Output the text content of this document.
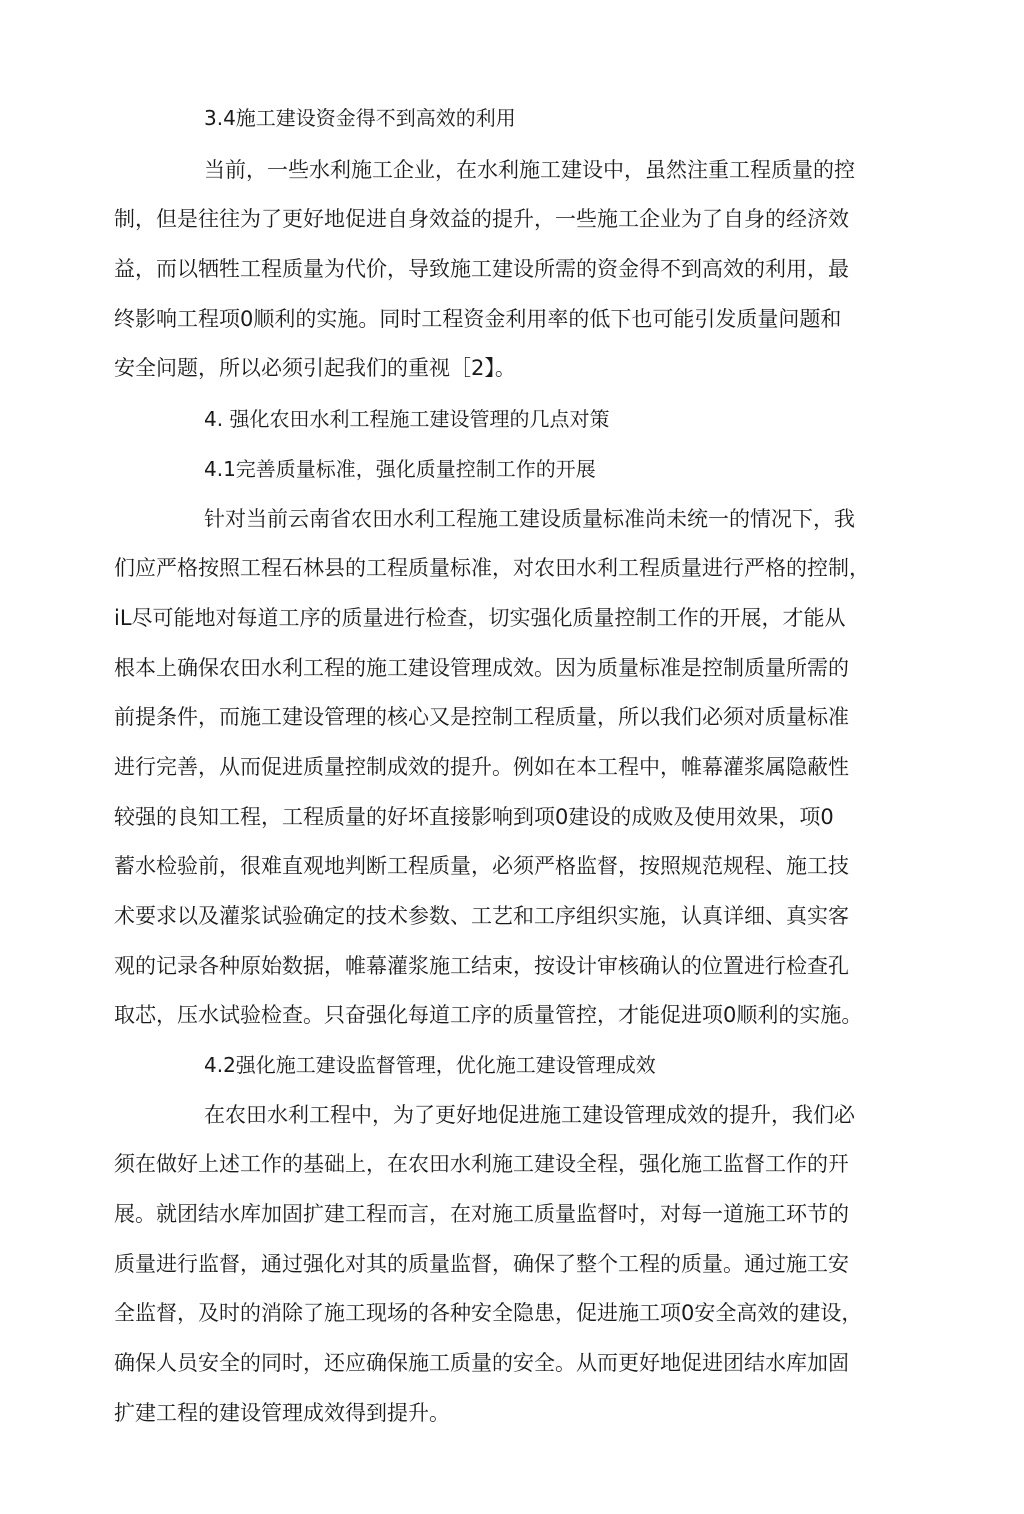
3.4施工建设资金得不到高效的利用
当前，一些水利施工企业，在水利施工建设中，虽然注重工程质量的控
制，但是往往为了更好地促进自身效益的提升，一些施工企业为了自身的经济效
益，而以牺牲工程质量为代价，导致施工建设所需的资金得不到高效的利用，最
终影响工程项0顺利的实施。同时工程资金利用率的低下也可能引发质量问题和
安全问题，所以必须引起我们的重视［2】。
4. 强化农田水利工程施工建设管理的几点对策
4.1完善质量标准，强化质量控制工作的开展
针对当前云南省农田水利工程施工建设质量标准尚未统一的情况下，我
们应严格按照工程石林县的工程质量标准，对农田水利工程质量进行严格的控制，
iL尽可能地对每道工序的质量进行检查，切实强化质量控制工作的开展，才能从
根本上确保农田水利工程的施工建设管理成效。因为质量标准是控制质量所需的
前提条件，而施工建设管理的核心又是控制工程质量，所以我们必须对质量标准
进行完善，从而促进质量控制成效的提升。例如在本工程中，帷幕灌浆属隐蔽性
较强的良知工程，工程质量的好坏直接影响到项0建设的成败及使用效果，项0
蓄水检验前，很难直观地判断工程质量，必须严格监督，按照规范规程、施工技
术要求以及灌浆试验确定的技术参数、工艺和工序组织实施，认真详细、真实客
观的记录各种原始数据，帷幕灌浆施工结束，按设计审核确认的位置进行检查孔
取芯，压水试验检查。只奋强化每道工序的质量管控，才能促进项0顺利的实施。
4.2强化施工建设监督管理，优化施工建设管理成效
在农田水利工程中，为了更好地促进施工建设管理成效的提升，我们必
须在做好上述工作的基础上，在农田水利施工建设全程，强化施工监督工作的幵
展。就团结水库加固扩建工程而言，在对施工质量监督吋，对每一道施工环节的
质量进行监督，通过强化对其的质量监督，确保了整个工程的质量。通过施工安
全监督，及时的消除了施工现场的各种安全隐患，促进施工项0安全高效的建设，
确保人员安全的同时，还应确保施工质量的安全。从而更好地促进团结水库加固
扩建工程的建设管理成效得到提升。
